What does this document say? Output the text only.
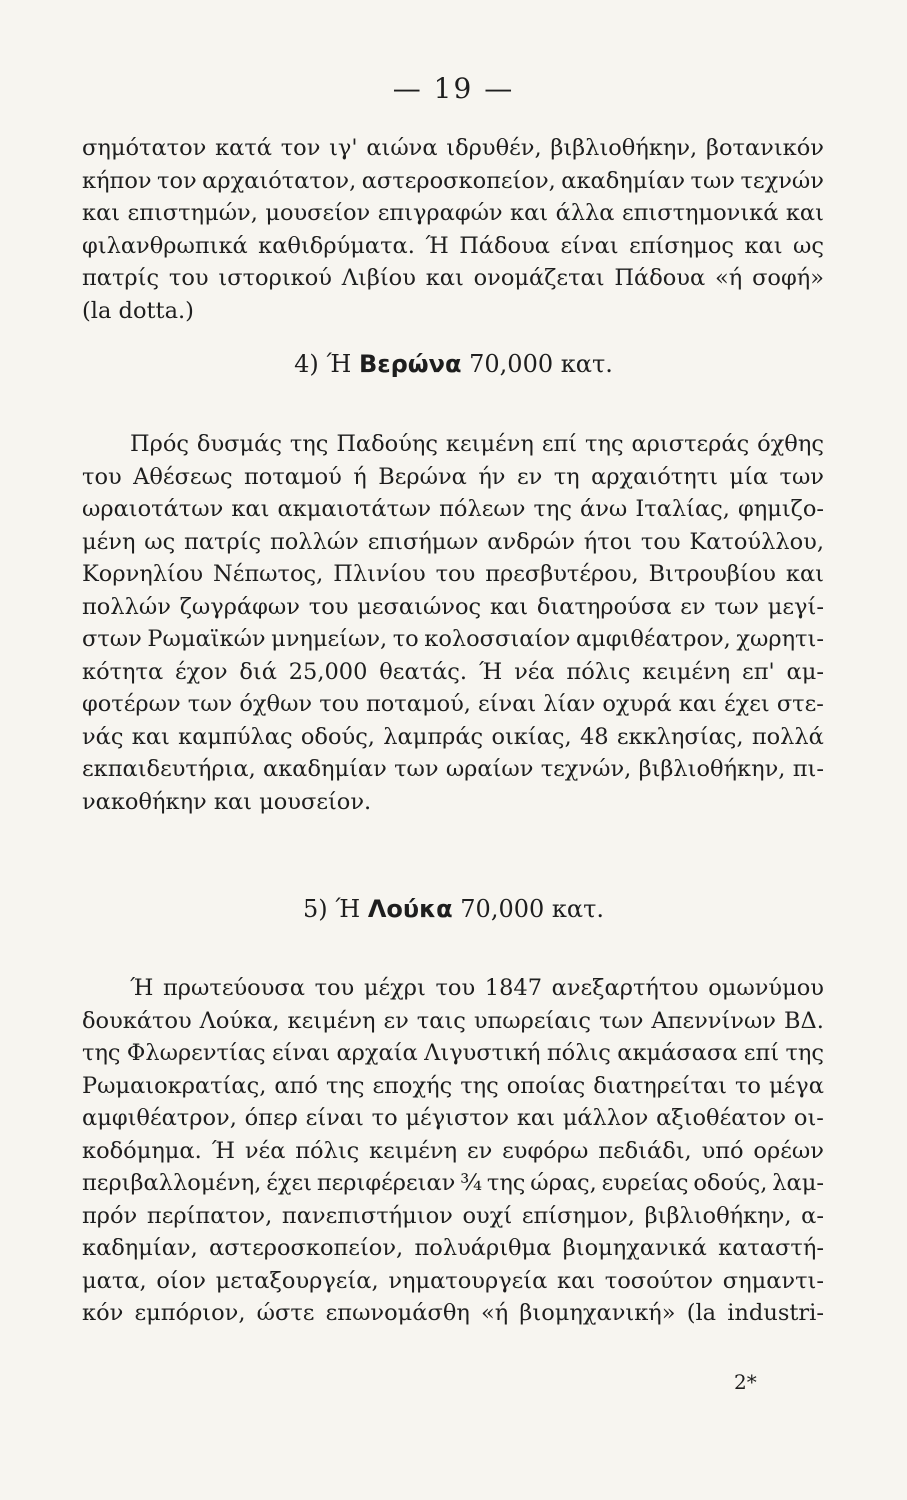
— 19 —
σημότατον κατά τον ιγ' αιώνα ιδρυθέν, βιβλιοθήκην, βοτανικόν
κήπον τον αρχαιότατον, αστεροσκοπείον, ακαδημίαν των τεχνών
και επιστημών, μουσείον επιγραφών και άλλα επιστημονικά και
φιλανθρωπικά καθιδρύματα. Ή Πάδουα είναι επίσημος και ως
πατρίς του ιστορικού Λιβίου και ονομάζεται Πάδουα «ή σοφή»
(la dotta.)
4) Ή Βερώνα 70,000 κατ.
Πρός δυσμάς της Παδούης κειμένη επί της αριστεράς όχθης
του Αθέσεως ποταμού ή Βερώνα ήν εν τη αρχαιότητι μία των
ωραιοτάτων και ακμαιοτάτων πόλεων της άνω Ιταλίας, φημιζο-
μένη ως πατρίς πολλών επισήμων ανδρών ήτοι του Κατούλλου,
Κορνηλίου Νέπωτος, Πλινίου του πρεσβυτέρου, Βιτρουβίου και
πολλών ζωγράφων του μεσαιώνος και διατηρούσα εν των μεγί-
στων Ρωμαϊκών μνημείων, το κολοσσιαίον αμφιθέατρον, χωρητι-
κότητα έχον διά 25,000 θεατάς. Ή νέα πόλις κειμένη επ' αμ-
φοτέρων των όχθων του ποταμού, είναι λίαν οχυρά και έχει στε-
νάς και καμπύλας οδούς, λαμπράς οικίας, 48 εκκλησίας, πολλά
εκπαιδευτήρια, ακαδημίαν των ωραίων τεχνών, βιβλιοθήκην, πι-
νακοθήκην και μουσείον.
5) Ή Λούκα 70,000 κατ.
Ή πρωτεύουσα του μέχρι του 1847 ανεξαρτήτου ομωνύμου
δουκάτου Λούκα, κειμένη εν ταις υπωρείαις των Απεννίνων ΒΔ.
της Φλωρεντίας είναι αρχαία Λιγυστική πόλις ακμάσασα επί της
Ρωμαιοκρατίας, από της εποχής της οποίας διατηρείται το μέγα
αμφιθέατρον, όπερ είναι το μέγιστον και μάλλον αξιοθέατον οι-
κοδόμημα. Ή νέα πόλις κειμένη εν ευφόρω πεδιάδι, υπό ορέων
περιβαλλομένη, έχει περιφέρειαν ¾ της ώρας, ευρείας οδούς, λαμ-
πρόν περίπατον, πανεπιστήμιον ουχί επίσημον, βιβλιοθήκην, α-
καδημίαν, αστεροσκοπείον, πολυάριθμα βιομηχανικά καταστή-
ματα, οίον μεταξουργεία, νηματουργεία και τοσούτον σημαντι-
κόν εμπόριον, ώστε επωνομάσθη «ή βιομηχανική» (la industri-
2*
